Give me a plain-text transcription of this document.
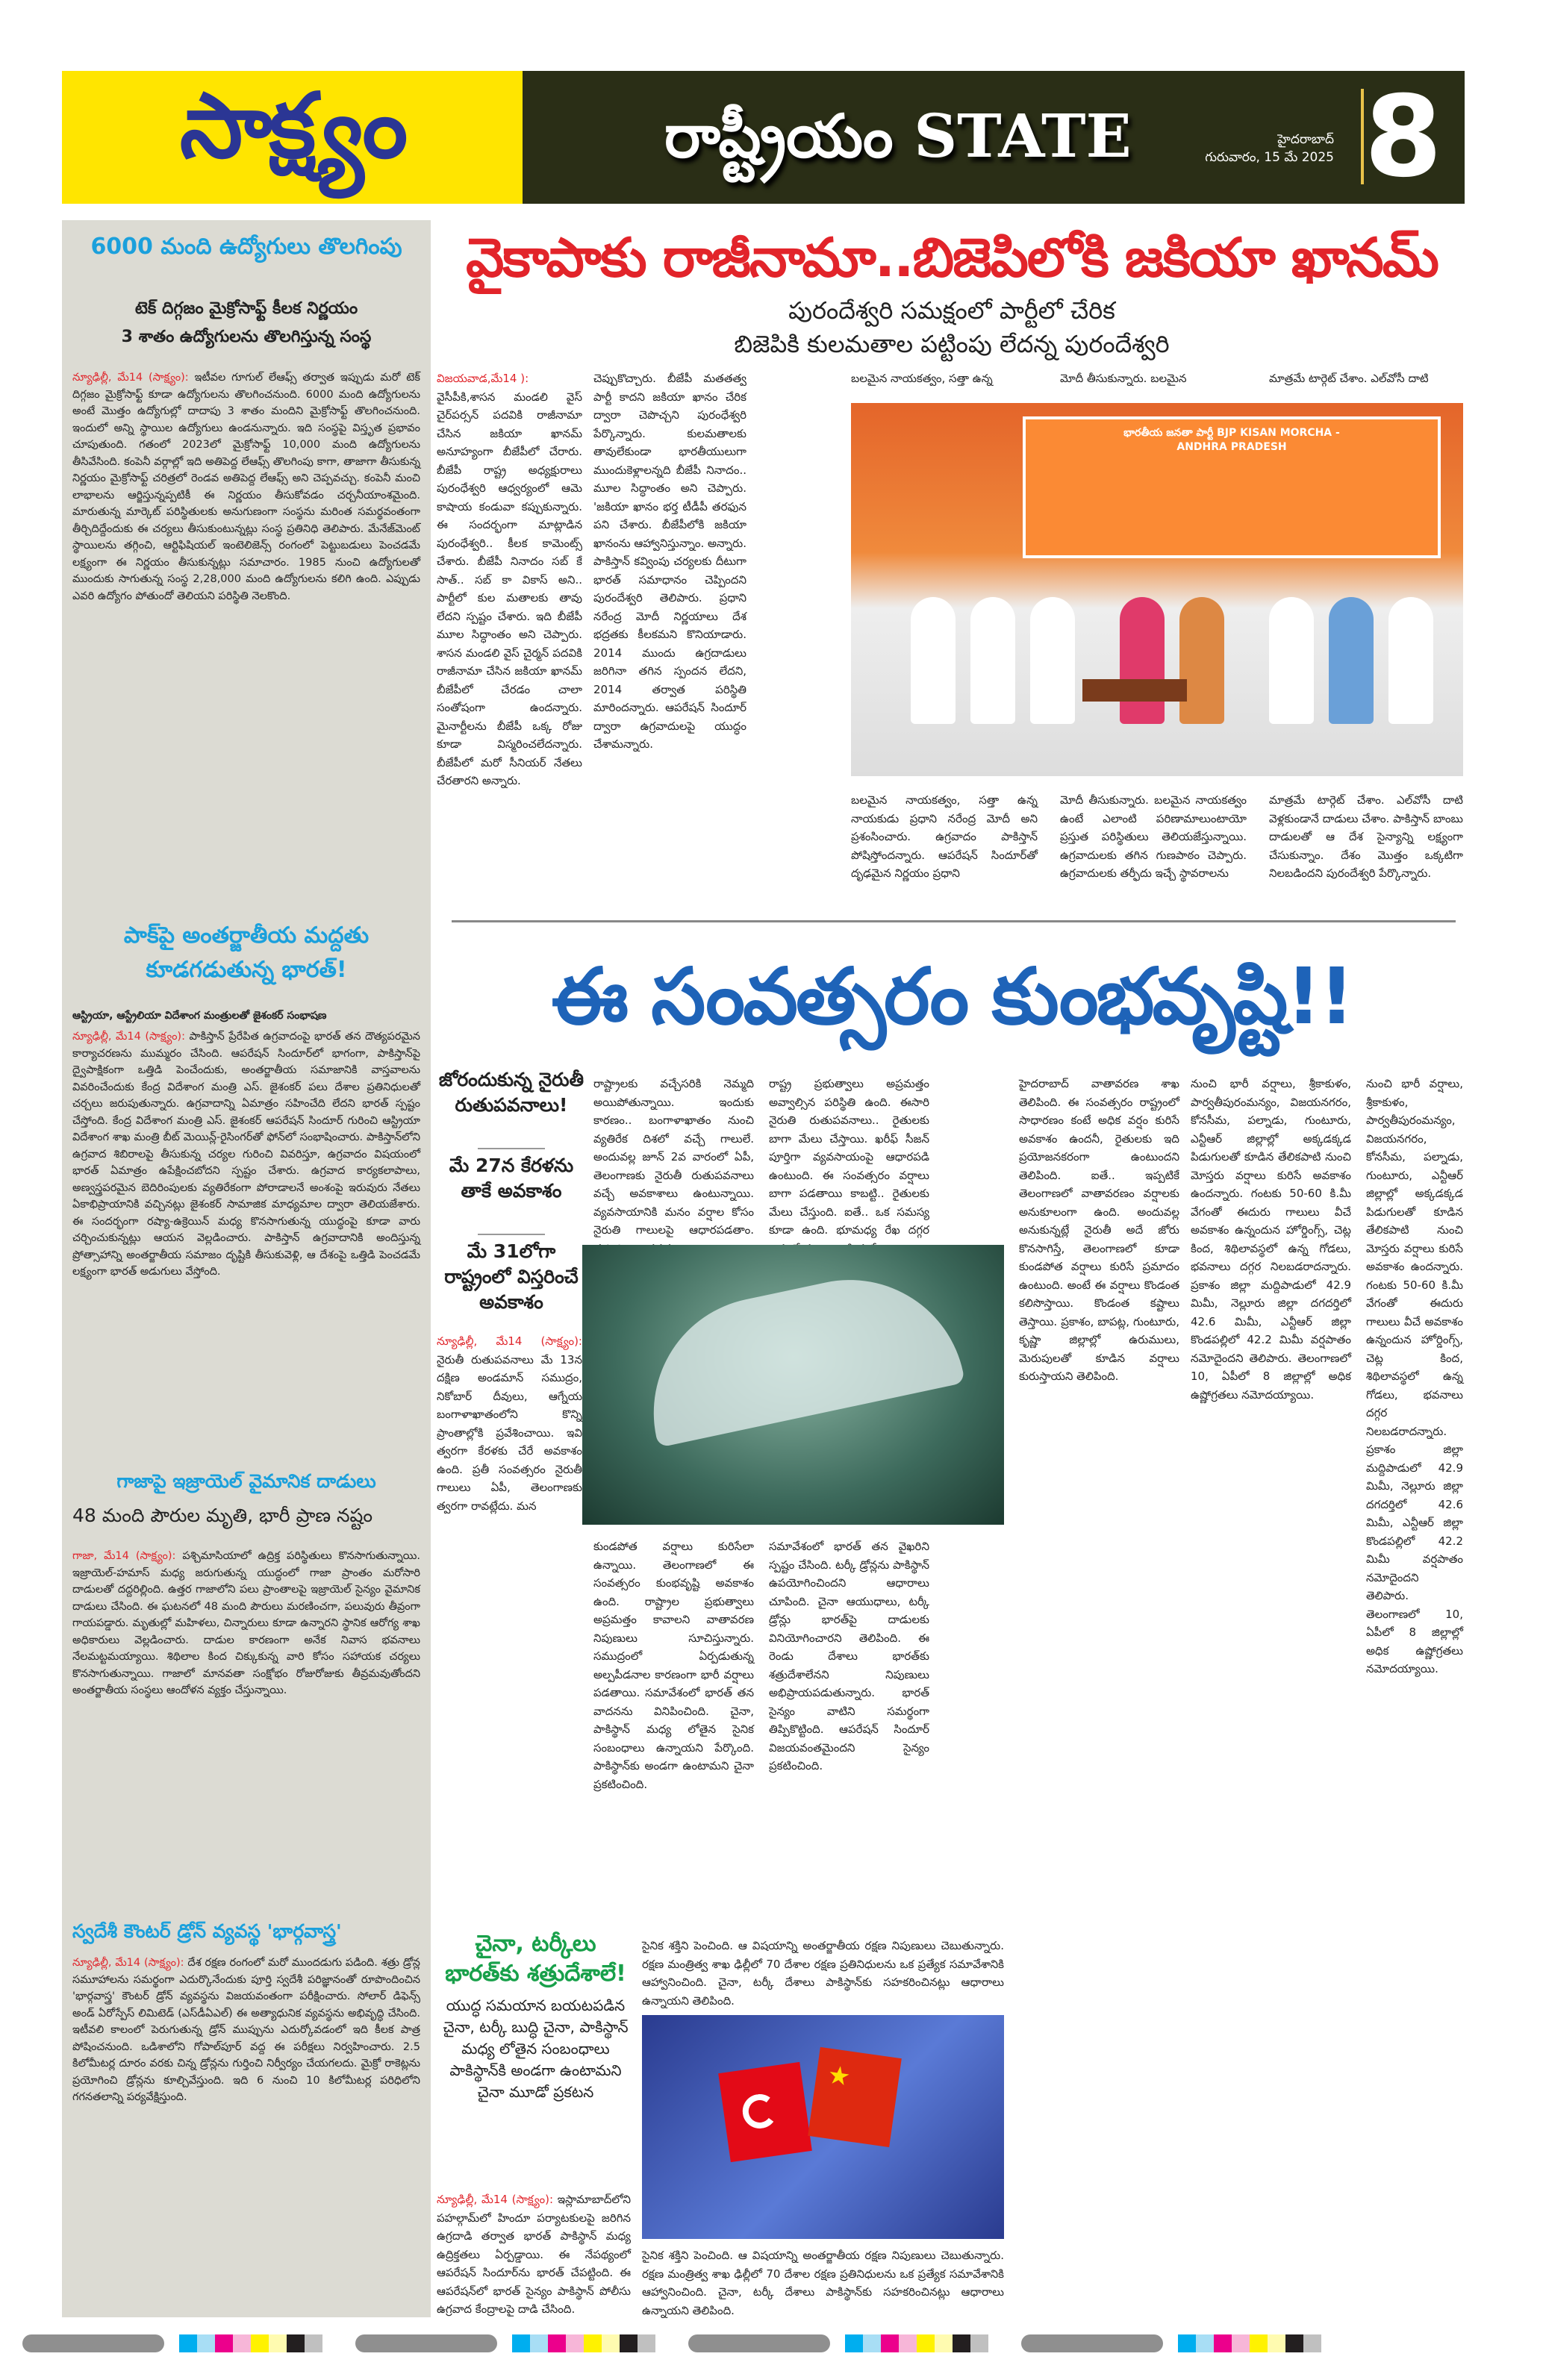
సాక్ష్యం	రాష్ట్రీయం STATE	హైదరాబాద్
గురువారం, 15 మే 2025 8
6000 మంది ఉద్యోగులు తొలగింపు
టెక్ దిగ్గజం మైక్రోసాఫ్ట్ కీలక నిర్ణయం
3 శాతం ఉద్యోగులను తొలగిస్తున్న సంస్థ
న్యూఢిల్లీ, మే14 (సాక్ష్యం): ఇటీవల గూగుల్ లేఆఫ్స్ తర్వాత ఇప్పుడు మరో టెక్ దిగ్గజం మైక్రోసాఫ్ట్ కూడా ఉద్యోగులను తొలగించనుంది. 6000 మంది ఉద్యోగులను అంటే మొత్తం ఉద్యోగుల్లో దాదాపు 3 శాతం మందిని మైక్రోసాఫ్ట్ తొలగించనుంది. ఇందులో అన్ని స్థాయిల ఉద్యోగులు ఉండనున్నారు. ఇది సంస్థపై విస్తృత ప్రభావం చూపుతుంది. గతంలో 2023లో మైక్రోసాఫ్ట్ 10,000 మంది ఉద్యోగులను తీసివేసింది. కంపెనీ వర్గాల్లో ఇది అతిపెద్ద లేఆఫ్స్ తొలగింపు కాగా, తాజాగా తీసుకున్న నిర్ణయం మైక్రోసాఫ్ట్ చరిత్రలో రెండవ అతిపెద్ద లేఆఫ్స్ అని చెప్పవచ్చు. కంపెనీ మంచి లాభాలను ఆర్జిస్తున్నప్పటికీ ఈ నిర్ణయం తీసుకోవడం చర్చనీయాంశమైంది. మారుతున్న మార్కెట్ పరిస్థితులకు అనుగుణంగా సంస్థను మరింత సమర్థవంతంగా తీర్చిదిద్దేందుకు ఈ చర్యలు తీసుకుంటున్నట్లు సంస్థ ప్రతినిధి తెలిపారు. మేనేజ్‌మెంట్ స్థాయిలను తగ్గించి, ఆర్టిఫిషియల్ ఇంటెలిజెన్స్ రంగంలో పెట్టుబడులు పెంచడమే లక్ష్యంగా ఈ నిర్ణయం తీసుకున్నట్లు సమాచారం. 1985 నుంచి ఉద్యోగులతో ముందుకు సాగుతున్న సంస్థ 2,28,000 మంది ఉద్యోగులను కలిగి ఉంది. ఎప్పుడు ఎవరి ఉద్యోగం పోతుందో తెలియని పరిస్థితి నెలకొంది.
పాక్‌పై అంతర్జాతీయ మద్దతు కూడగడుతున్న భారత్!
ఆస్ట్రియా, ఆస్ట్రేలియా విదేశాంగ మంత్రులతో జైశంకర్ సంభాషణ
న్యూఢిల్లీ, మే14 (సాక్ష్యం): పాకిస్తాన్ ప్రేరేపిత ఉగ్రవాదంపై భారత్ తన దౌత్యపరమైన కార్యాచరణను ముమ్మరం చేసింది. ఆపరేషన్ సిందూర్‌లో భాగంగా, పాకిస్తాన్‌పై ద్వైపాక్షికంగా ఒత్తిడి పెంచేందుకు, అంతర్జాతీయ సమాజానికి వాస్తవాలను వివరించేందుకు కేంద్ర విదేశాంగ మంత్రి ఎస్. జైశంకర్ పలు దేశాల ప్రతినిధులతో చర్చలు జరుపుతున్నారు. ఉగ్రవాదాన్ని ఏమాత్రం సహించేది లేదని భారత్ స్పష్టం చేస్తోంది. కేంద్ర విదేశాంగ మంత్రి ఎస్. జైశంకర్ ఆపరేషన్ సిందూర్ గురించి ఆస్ట్రియా విదేశాంగ శాఖ మంత్రి బీట్ మెయిన్ల్-రైసింగర్‌తో ఫోన్‌లో సంభాషించారు. పాకిస్తాన్‌లోని ఉగ్రవాద శిబిరాలపై తీసుకున్న చర్యల గురించి వివరిస్తూ, ఉగ్రవాదం విషయంలో భారత్ ఏమాత్రం ఉపేక్షించబోదని స్పష్టం చేశారు. ఉగ్రవాద కార్యకలాపాలు, అణ్వస్త్రపరమైన బెదిరింపులకు వ్యతిరేకంగా పోరాడాలనే అంశంపై ఇరువురు నేతలు ఏకాభిప్రాయానికి వచ్చినట్లు జైశంకర్ సామాజిక మాధ్యమాల ద్వారా తెలియజేశారు. ఈ సందర్భంగా రష్యా-ఉక్రెయిన్ మధ్య కొనసాగుతున్న యుద్ధంపై కూడా వారు చర్చించుకున్నట్లు ఆయన వెల్లడించారు. పాకిస్తాన్ ఉగ్రవాదానికి అందిస్తున్న ప్రోత్సాహాన్ని అంతర్జాతీయ సమాజం దృష్టికి తీసుకువెళ్లి, ఆ దేశంపై ఒత్తిడి పెంచడమే లక్ష్యంగా భారత్ అడుగులు వేస్తోంది.
గాజాపై ఇజ్రాయెల్ వైమానిక దాడులు
48 మంది పౌరుల మృతి, భారీ ప్రాణ నష్టం
గాజా, మే14 (సాక్ష్యం): పశ్చిమాసియాలో ఉద్రిక్త పరిస్థితులు కొనసాగుతున్నాయి. ఇజ్రాయెల్-హమాస్ మధ్య జరుగుతున్న యుద్ధంలో గాజా ప్రాంతం మరోసారి దాడులతో దద్దరిల్లింది. ఉత్తర గాజాలోని పలు ప్రాంతాలపై ఇజ్రాయెల్ సైన్యం వైమానిక దాడులు చేసింది. ఈ ఘటనలో 48 మంది పౌరులు మరణించగా, పలువురు తీవ్రంగా గాయపడ్డారు. మృతుల్లో మహిళలు, చిన్నారులు కూడా ఉన్నారని స్థానిక ఆరోగ్య శాఖ అధికారులు వెల్లడించారు. దాడుల కారణంగా అనేక నివాస భవనాలు నేలమట్టమయ్యాయి. శిథిలాల కింద చిక్కుకున్న వారి కోసం సహాయక చర్యలు కొనసాగుతున్నాయి. గాజాలో మానవతా సంక్షోభం రోజురోజుకు తీవ్రమవుతోందని అంతర్జాతీయ సంస్థలు ఆందోళన వ్యక్తం చేస్తున్నాయి.
స్వదేశీ కౌంటర్ డ్రోన్ వ్యవస్థ 'భార్గవాస్త్ర'
న్యూఢిల్లీ, మే14 (సాక్ష్యం): దేశ రక్షణ రంగంలో మరో ముందడుగు పడింది. శత్రు డ్రోన్ల సమూహాలను సమర్థంగా ఎదుర్కొనేందుకు పూర్తి స్వదేశీ పరిజ్ఞానంతో రూపొందించిన 'భార్గవాస్త్ర' కౌంటర్ డ్రోన్ వ్యవస్థను విజయవంతంగా పరీక్షించారు. సోలార్ డిఫెన్స్ అండ్ ఏరోస్పేస్ లిమిటెడ్ (ఎస్‌డీఏఎల్) ఈ అత్యాధునిక వ్యవస్థను అభివృద్ధి చేసింది. ఇటీవలి కాలంలో పెరుగుతున్న డ్రోన్ ముప్పును ఎదుర్కోవడంలో ఇది కీలక పాత్ర పోషించనుంది. ఒడిశాలోని గోపాల్‌పూర్ వద్ద ఈ పరీక్షలు నిర్వహించారు. 2.5 కిలోమీటర్ల దూరం వరకు చిన్న డ్రోన్లను గుర్తించి నిర్వీర్యం చేయగలదు. మైక్రో రాకెట్లను ప్రయోగించి డ్రోన్లను కూల్చివేస్తుంది. ఇది 6 నుంచి 10 కిలోమీటర్ల పరిధిలోని గగనతలాన్ని పర్యవేక్షిస్తుంది.
వైకాపాకు రాజీనామా..బిజెపిలోకి జకియా ఖానమ్
పురందేశ్వరి సమక్షంలో పార్టీలో చేరిక
బిజెపికి కులమతాల పట్టింపు లేదన్న పురందేశ్వరి
విజయవాడ,మే14 ):
వైసీపీకి,శాసన మండలి వైస్ చైర్‌పర్సన్ పదవికి రాజీనామా చేసిన జకియా ఖానమ్ అనూహ్యంగా బీజేపీలో చేరారు. బీజేపీ రాష్ట్ర అధ్యక్షురాలు పురంధేశ్వరి ఆధ్వర్యంలో ఆమె కాషాయ కండువా కప్పుకున్నారు. ఈ సందర్భంగా మాట్లాడిన పురంధేశ్వరి.. కీలక కామెంట్స్ చేశారు. బీజేపీ నినాదం సబ్ కే సాత్.. సబ్ కా వికాస్ అని.. పార్టీలో కుల మతాలకు తావు లేదని స్పష్టం చేశారు. ఇది బీజేపీ మూల సిద్ధాంతం అని చెప్పారు. శాసన మండలి వైస్ చైర్మన్ పదవికి రాజీనామా చేసిన జకియా ఖానమ్ బీజేపీలో చేరడం చాలా సంతోషంగా ఉందన్నారు. మైనార్టీలను బీజేపీ ఒక్క రోజు కూడా విస్మరించలేదన్నారు. బీజేపీలో మరో సీనియర్ నేతలు చేరతారని అన్నారు.
చెప్పుకొచ్చారు. బీజేపీ మతతత్వ పార్టీ కాదని జకియా ఖానం చేరిక ద్వారా చెపొచ్చని పురంధేశ్వరి పేర్కొన్నారు. కులమతాలకు తావులేకుండా భారతీయులుగా ముందుకెళ్లాలన్నది బీజేపీ నినాదం.. మూల సిద్ధాంతం అని చెప్పారు. 'జకియా ఖానం భర్త టీడీపీ తరఫున పని చేశారు. బీజేపీలోకి జకియా ఖానంను ఆహ్వానిస్తున్నాం. అన్నారు. పాకిస్తాన్ కవ్వింపు చర్యలకు దీటుగా భారత్ సమాధానం చెప్పిందని పురందేశ్వరి తెలిపారు. ప్రధాని నరేంద్ర మోదీ నిర్ణయాలు దేశ భద్రతకు కీలకమని కొనియాడారు. 2014 ముందు ఉగ్రదాడులు జరిగినా తగిన స్పందన లేదని, 2014 తర్వాత పరిస్థితి మారిందన్నారు. ఆపరేషన్ సిందూర్ ద్వారా ఉగ్రవాదులపై యుద్ధం చేశామన్నారు.
బలమైన నాయకత్వం, సత్తా ఉన్న	మోదీ తీసుకున్నారు. బలమైన	మాత్రమే టార్గెట్ చేశాం. ఎల్‌వోసీ దాటి
బలమైన నాయకత్వం, సత్తా ఉన్న నాయకుడు ప్రధాని నరేంద్ర మోదీ అని ప్రశంసించారు. ఉగ్రవాదం పాకిస్తాన్ పోషిస్తోందన్నారు. ఆపరేషన్ సిందూర్‌తో దృఢమైన నిర్ణయం ప్రధాని
మోదీ తీసుకున్నారు. బలమైన నాయకత్వం ఉంటే ఎలాంటి పరిణామాలుంటాయో ప్రస్తుత పరిస్థితులు తెలియజేస్తున్నాయి. ఉగ్రవాదులకు తగిన గుణపాఠం చెప్పారు. ఉగ్రవాదులకు తర్ఫీదు ఇచ్చే స్థావరాలను
మాత్రమే టార్గెట్ చేశాం. ఎల్‌వోసీ దాటి వెళ్లకుండానే దాడులు చేశాం. పాకిస్తాన్ బాంబు దాడులతో ఆ దేశ సైన్యాన్ని లక్ష్యంగా చేసుకున్నాం. దేశం మొత్తం ఒక్కటిగా నిలబడిందని పురందేశ్వరి పేర్కొన్నారు.
భారతీయ జనతా పార్టీ BJP KISAN MORCHA - ANDHRA PRADESH
ఈ సంవత్సరం కుంభవృష్టి!!
జోరందుకున్న నైరుతీ రుతుపవనాలు!
మే 27న కేరళను తాకే అవకాశం
మే 31లోగా రాష్ట్రంలో విస్తరించే అవకాశం
న్యూఢిల్లీ, మే14 (సాక్ష్యం): నైరుతీ రుతుపవనాలు మే 13న దక్షిణ అండమాన్ సముద్రం, నికోబార్ దీవులు, ఆగ్నేయ బంగాళాఖాతంలోని కొన్ని ప్రాంతాల్లోకి ప్రవేశించాయి. ఇవి త్వరగా కేరళకు చేరే అవకాశం ఉంది. ప్రతీ సంవత్సరం నైరుతీ గాలులు ఏపీ, తెలంగాణకు త్వరగా రావట్లేదు. మన
రాష్ట్రాలకు వచ్చేసరికి నెమ్మది అయిపోతున్నాయి. ఇందుకు కారణం.. బంగాళాఖాతం నుంచి వ్యతిరేక దిశలో వచ్చే గాలులే. అందువల్ల జూన్ 2వ వారంలో ఏపీ, తెలంగాణకు నైరుతీ రుతుపవనాలు వచ్చే అవకాశాలు ఉంటున్నాయి. వ్యవసాయానికి మనం వర్షాల కోసం నైరుతి గాలులపై ఆధారపడతాం.
రాష్ట్ర ప్రభుత్వాలు అప్రమత్తం అవ్వాల్సిన పరిస్థితి ఉంది. ఈసారి నైరుతి రుతుపవనాలు.. రైతులకు బాగా మేలు చేస్తాయి. ఖరీఫ్ సీజన్ పూర్తిగా వ్యవసాయంపై ఆధారపడి ఉంటుంది. ఈ సంవత్సరం వర్షాలు బాగా పడతాయి కాబట్టి.. రైతులకు మేలు చేస్తుంది. ఐతే.. ఒక సమస్య కూడా ఉంది. భూమధ్య రేఖ దగ్గర
హైదరాబాద్ వాతావరణ శాఖ తెలిపింది. ఈ సంవత్సరం రాష్ట్రంలో సాధారణం కంటే అధిక వర్షం కురిసే అవకాశం ఉందనీ, రైతులకు ఇది ప్రయోజనకరంగా ఉంటుందని తెలిపింది. ఐతే.. ఇప్పటికే తెలంగాణలో వాతావరణం వర్షాలకు అనుకూలంగా ఉంది. అందువల్ల అనుకున్నట్లే నైరుతీ అదే జోరు కొనసాగిస్తే, తెలంగాణలో కూడా కుండపోత వర్షాలు కురిసే ప్రమాదం ఉంటుంది. అంటే ఈ వర్షాలు కొండంత కలిసొస్తాయి. కొండంత కష్టాలు తెస్తాయి. ప్రకాశం, బాపట్ల, గుంటూరు, కృష్ణా జిల్లాల్లో ఉరుములు, మెరుపులతో కూడిన వర్షాలు కురుస్తాయని తెలిపింది.
నుంచి భారీ వర్షాలు, శ్రీకాకుళం, పార్వతీపురంమన్యం, విజయనగరం, కోనసీమ, పల్నాడు, గుంటూరు, ఎన్టీఆర్ జిల్లాల్లో అక్కడక్కడ పిడుగులతో కూడిన తేలికపాటి నుంచి మోస్తరు వర్షాలు కురిసే అవకాశం ఉందన్నారు. గంటకు 50-60 కి.మీ వేగంతో ఈదురు గాలులు వీచే అవకాశం ఉన్నందున హోర్డింగ్స్, చెట్ల కింద, శిథిలావస్థలో ఉన్న గోడలు, భవనాలు దగ్గర నిలబడరాదన్నారు. ప్రకాశం జిల్లా మద్దిపాడులో 42.9 మిమీ, నెల్లూరు జిల్లా దగదర్తిలో 42.6 మిమీ, ఎన్టీఆర్ జిల్లా కొండపల్లిలో 42.2 మిమీ వర్షపాతం నమోదైందని తెలిపారు. తెలంగాణలో 10, ఏపీలో 8 జిల్లాల్లో అధిక ఉష్ణోగ్రతలు నమోదయ్యాయి.
నుంచి భారీ వర్షాలు, శ్రీకాకుళం, పార్వతీపురంమన్యం, విజయనగరం, కోనసీమ, పల్నాడు, గుంటూరు, ఎన్టీఆర్ జిల్లాల్లో అక్కడక్కడ పిడుగులతో కూడిన తేలికపాటి నుంచి మోస్తరు వర్షాలు కురిసే అవకాశం ఉందన్నారు. గంటకు 50-60 కి.మీ వేగంతో ఈదురు గాలులు వీచే అవకాశం ఉన్నందున హోర్డింగ్స్, చెట్ల కింద, శిథిలావస్థలో ఉన్న గోడలు, భవనాలు దగ్గర నిలబడరాదన్నారు. ప్రకాశం జిల్లా మద్దిపాడులో 42.9 మిమీ, నెల్లూరు జిల్లా దగదర్తిలో 42.6 మిమీ, ఎన్టీఆర్ జిల్లా కొండపల్లిలో 42.2 మిమీ వర్షపాతం నమోదైందని తెలిపారు. తెలంగాణలో 10, ఏపీలో 8 జిల్లాల్లో అధిక ఉష్ణోగ్రతలు నమోదయ్యాయి.
కుండపోత వర్షాలు కురిసేలా ఉన్నాయి. తెలంగాణలో ఈ సంవత్సరం కుంభవృష్టి అవకాశం ఉంది. రాష్ట్రాల ప్రభుత్వాలు అప్రమత్తం కావాలని వాతావరణ నిపుణులు సూచిస్తున్నారు. సముద్రంలో ఏర్పడుతున్న అల్పపీడనాల కారణంగా భారీ వర్షాలు పడతాయి. సమావేశంలో భారత్ తన వాదనను వినిపించింది. చైనా, పాకిస్థాన్ మధ్య లోతైన సైనిక సంబంధాలు ఉన్నాయని పేర్కొంది. పాకిస్థాన్‌కు అండగా ఉంటామని చైనా ప్రకటించింది.
సమావేశంలో భారత్ తన వైఖరిని స్పష్టం చేసింది. టర్కీ డ్రోన్లను పాకిస్థాన్ ఉపయోగించిందని ఆధారాలు చూపింది. చైనా ఆయుధాలు, టర్కీ డ్రోన్లు భారత్‌పై దాడులకు వినియోగించారని తెలిపింది. ఈ రెండు దేశాలు భారత్‌కు శత్రుదేశాలేనని నిపుణులు అభిప్రాయపడుతున్నారు. భారత్ సైన్యం వాటిని సమర్థంగా తిప్పికొట్టింది. ఆపరేషన్ సిందూర్ విజయవంతమైందని సైన్యం ప్రకటించింది.
చైనా, టర్కీలు భారత్‌కు శత్రుదేశాలే!
యుద్ధ సమయాన బయటపడిన చైనా, టర్కీ బుద్ధి చైనా, పాకిస్థాన్ మధ్య లోతైన సంబంధాలు పాకిస్థాన్‌కి అండగా ఉంటామని చైనా మూడో ప్రకటన
న్యూఢిల్లీ, మే14 (సాక్ష్యం): ఇస్లామాబాద్‌లోని పహల్గామ్‌లో హిందూ పర్యాటకులపై జరిగిన ఉగ్రదాడి తర్వాత భారత్ పాకిస్థాన్ మధ్య ఉద్రిక్తతలు ఏర్పడ్డాయి. ఈ నేపథ్యంలో ఆపరేషన్ సిందూర్‌ను భారత్ చేపట్టింది. ఈ ఆపరేషన్‌లో భారత్ సైన్యం పాకిస్థాన్ పోలీసు ఉగ్రవాద కేంద్రాలపై దాడి చేసింది.
సైనిక శక్తిని పెంచింది. ఆ విషయాన్ని అంతర్జాతీయ రక్షణ నిపుణులు చెబుతున్నారు. రక్షణ మంత్రిత్వ శాఖ ఢిల్లీలో 70 దేశాల రక్షణ ప్రతినిధులను ఒక ప్రత్యేక సమావేశానికి ఆహ్వానించింది. చైనా, టర్కీ దేశాలు పాకిస్థాన్‌కు సహకరించినట్లు ఆధారాలు ఉన్నాయని తెలిపింది.
★
సైనిక శక్తిని పెంచింది. ఆ విషయాన్ని అంతర్జాతీయ రక్షణ నిపుణులు చెబుతున్నారు. రక్షణ మంత్రిత్వ శాఖ ఢిల్లీలో 70 దేశాల రక్షణ ప్రతినిధులను ఒక ప్రత్యేక సమావేశానికి ఆహ్వానించింది. చైనా, టర్కీ దేశాలు పాకిస్థాన్‌కు సహకరించినట్లు ఆధారాలు ఉన్నాయని తెలిపింది.
